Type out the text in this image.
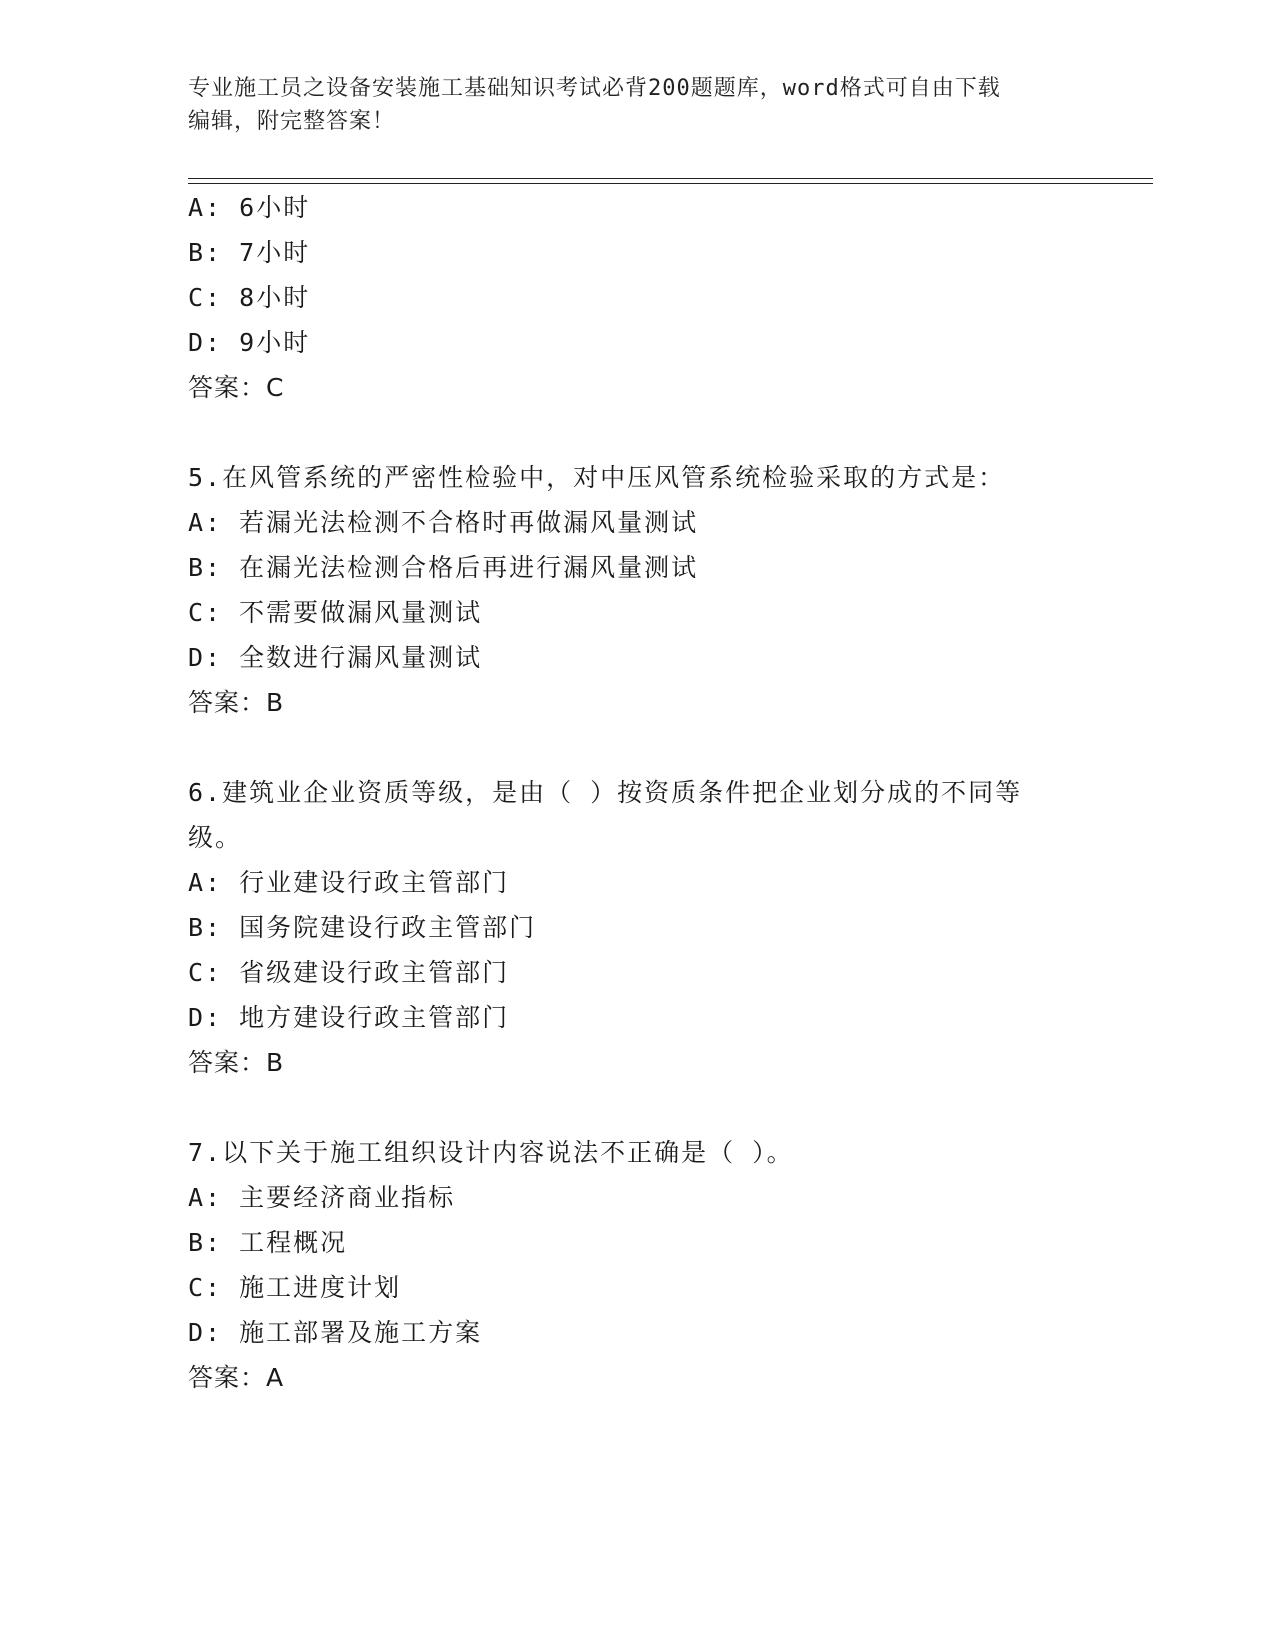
专业施工员之设备安装施工基础知识考试必背200题题库，word格式可自由下载
编辑，附完整答案！
A: 6小时
B: 7小时
C: 8小时
D: 9小时
答案：C
5.在风管系统的严密性检验中，对中压风管系统检验采取的方式是：
A: 若漏光法检测不合格时再做漏风量测试
B: 在漏光法检测合格后再进行漏风量测试
C: 不需要做漏风量测试
D: 全数进行漏风量测试
答案：B
6.建筑业企业资质等级，是由（ ）按资质条件把企业划分成的不同等
级。
A: 行业建设行政主管部门
B: 国务院建设行政主管部门
C: 省级建设行政主管部门
D: 地方建设行政主管部门
答案：B
7.以下关于施工组织设计内容说法不正确是（ ）。
A: 主要经济商业指标
B: 工程概况
C: 施工进度计划
D: 施工部署及施工方案
答案：A
